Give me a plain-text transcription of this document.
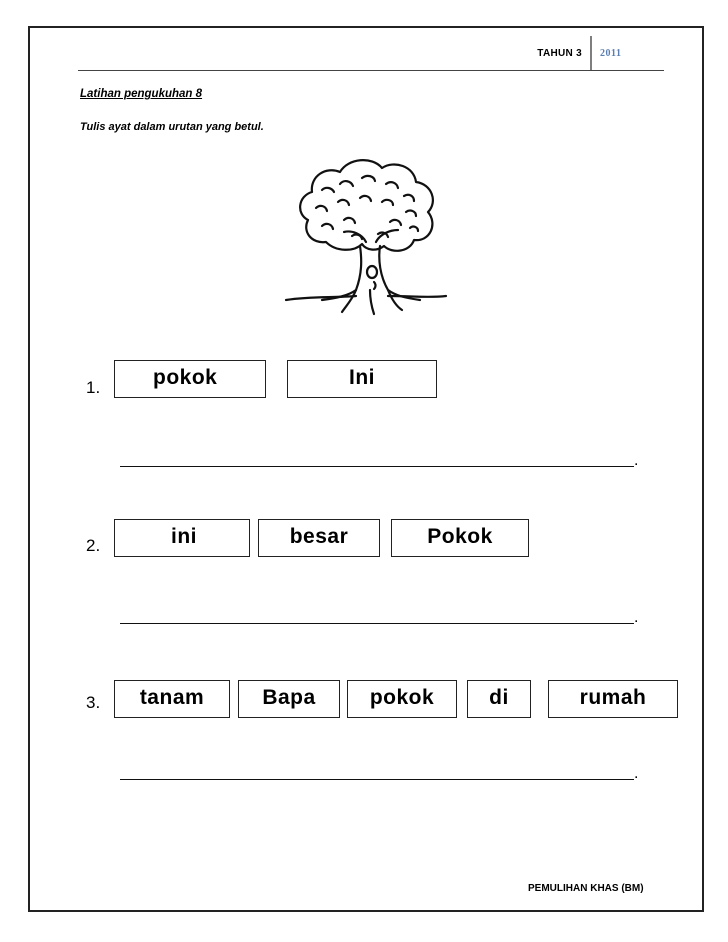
TAHUN 3	2011
Latihan pengukuhan 8
Tulis ayat dalam urutan yang betul.
1.	pokok	Ini
.
2.	ini	besar	Pokok
.
3.	tanam	Bapa	pokok	di	rumah
.
PEMULIHAN KHAS (BM)
